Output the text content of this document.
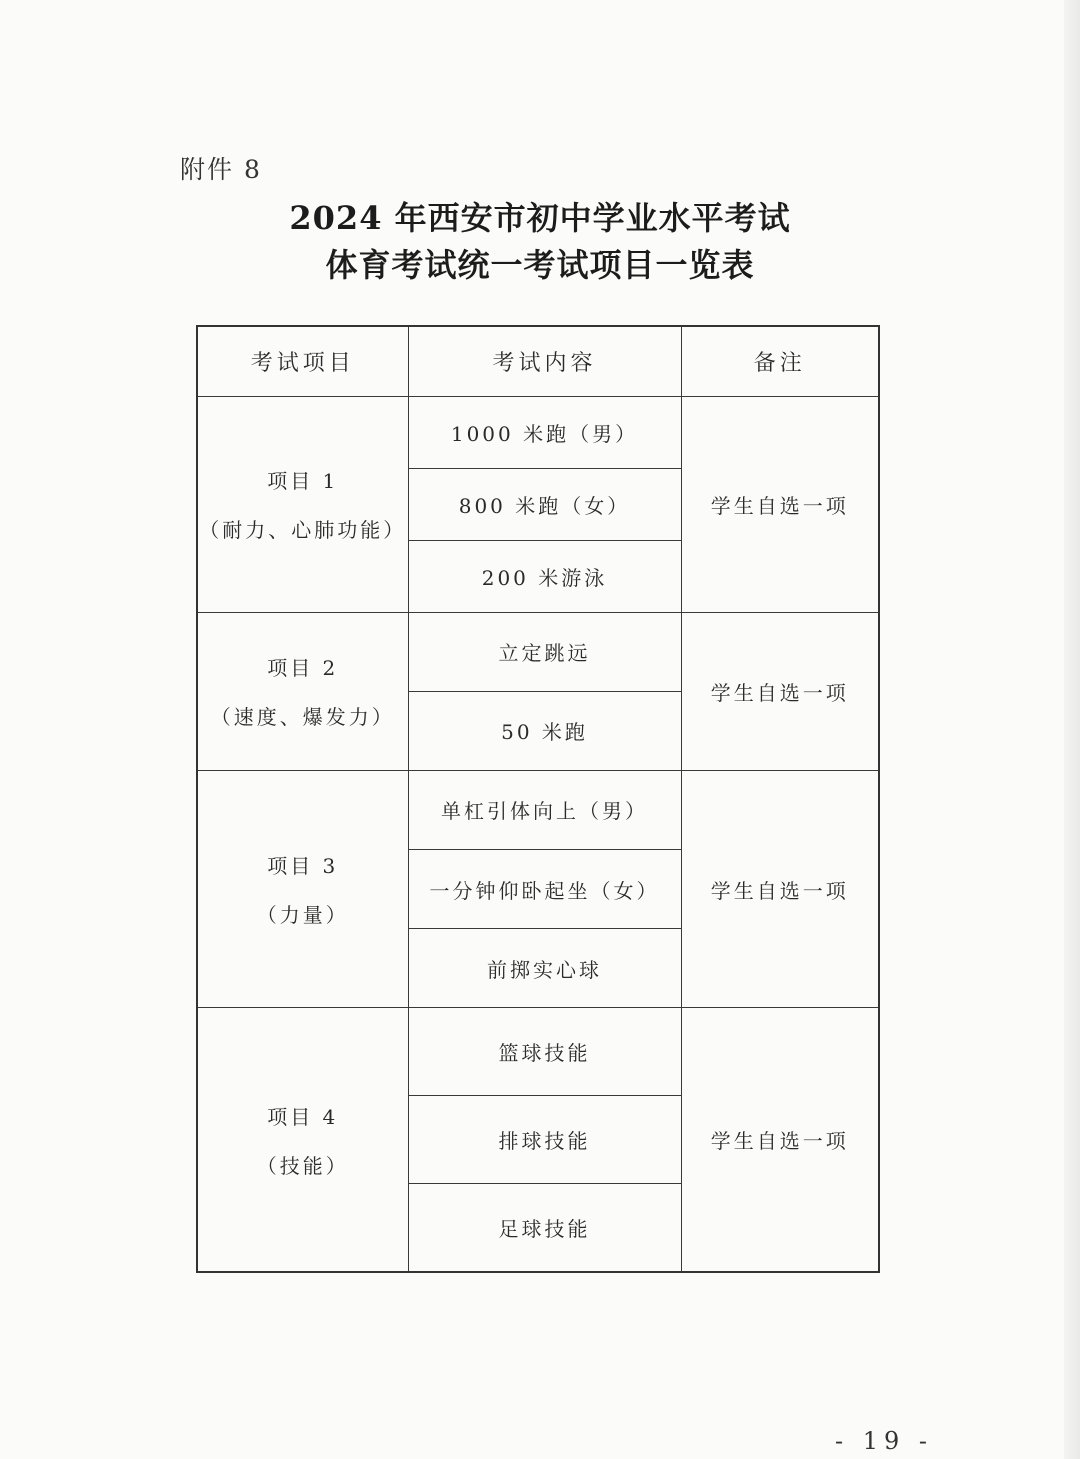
附件 8
2024 年西安市初中学业水平考试
体育考试统一考试项目一览表
考试项目	考试内容	备注

项目 1
（耐力、心肺功能）	1000 米跑（男）	学生自选一项
	800 米跑（女）	
	200 米游泳	

项目 2
（速度、爆发力）	立定跳远	学生自选一项
	50 米跑	

项目 3
（力量）	单杠引体向上（男）	学生自选一项
	一分钟仰卧起坐（女）	
	前掷实心球	

项目 4
（技能）	篮球技能	学生自选一项
	排球技能	
	足球技能	
- 19 -
